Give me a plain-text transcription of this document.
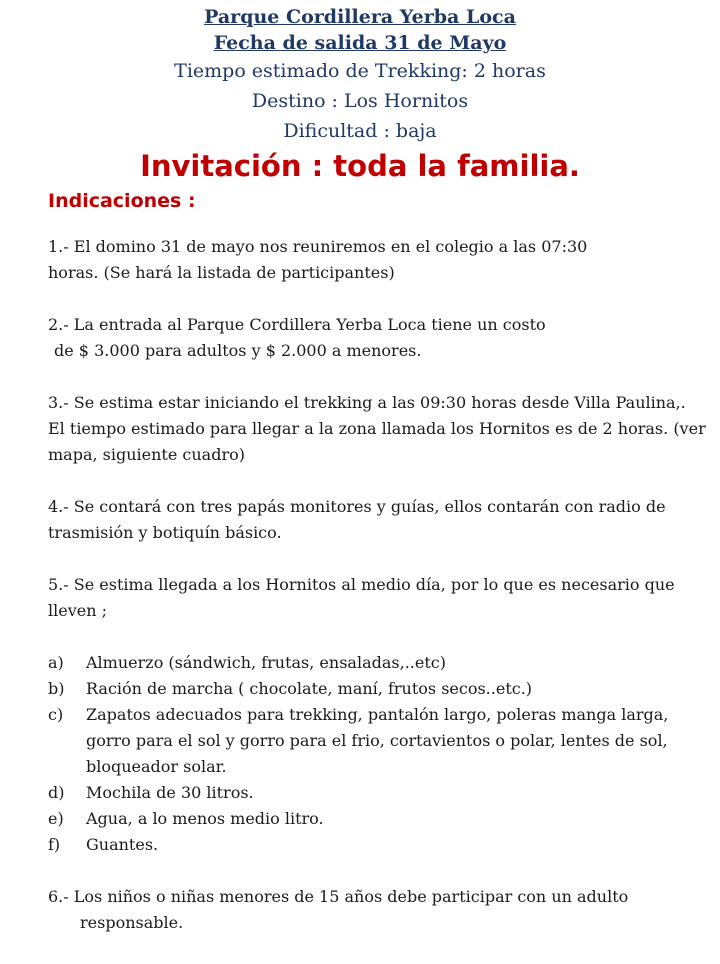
Parque Cordillera Yerba Loca
Fecha de salida 31 de Mayo
Tiempo estimado de Trekking: 2 horas
Destino : Los Hornitos
Dificultad : baja
Invitación : toda la familia.
Indicaciones :

1.- El domino 31 de mayo nos reuniremos en el colegio a las 07:30

horas. (Se hará la listada de participantes)

2.- La entrada al Parque Cordillera Yerba Loca tiene un costo

de $ 3.000 para adultos y $ 2.000 a menores.

3.- Se estima estar iniciando el trekking a las 09:30 horas desde Villa Paulina,. El tiempo estimado para llegar a la zona llamada los Hornitos es de 2 horas. (ver mapa, siguiente cuadro)

4.- Se contará con tres papás monitores y guías, ellos contarán con radio de trasmisión y botiquín básico.

5.- Se estima llegada a los Hornitos al medio día, por lo que es necesario que lleven ;

a) Almuerzo (sándwich, frutas, ensaladas,..etc)
b) Ración de marcha ( chocolate, maní, frutos secos..etc.)
c) Zapatos adecuados para trekking, pantalón largo, poleras manga larga, gorro para el sol y gorro para el frio, cortavientos o polar, lentes de sol, bloqueador solar.
d) Mochila de 30 litros.
e) Agua, a lo menos medio litro.
f) Guantes.

6.- Los niños o niñas menores de 15 años debe participar con un adulto responsable.
